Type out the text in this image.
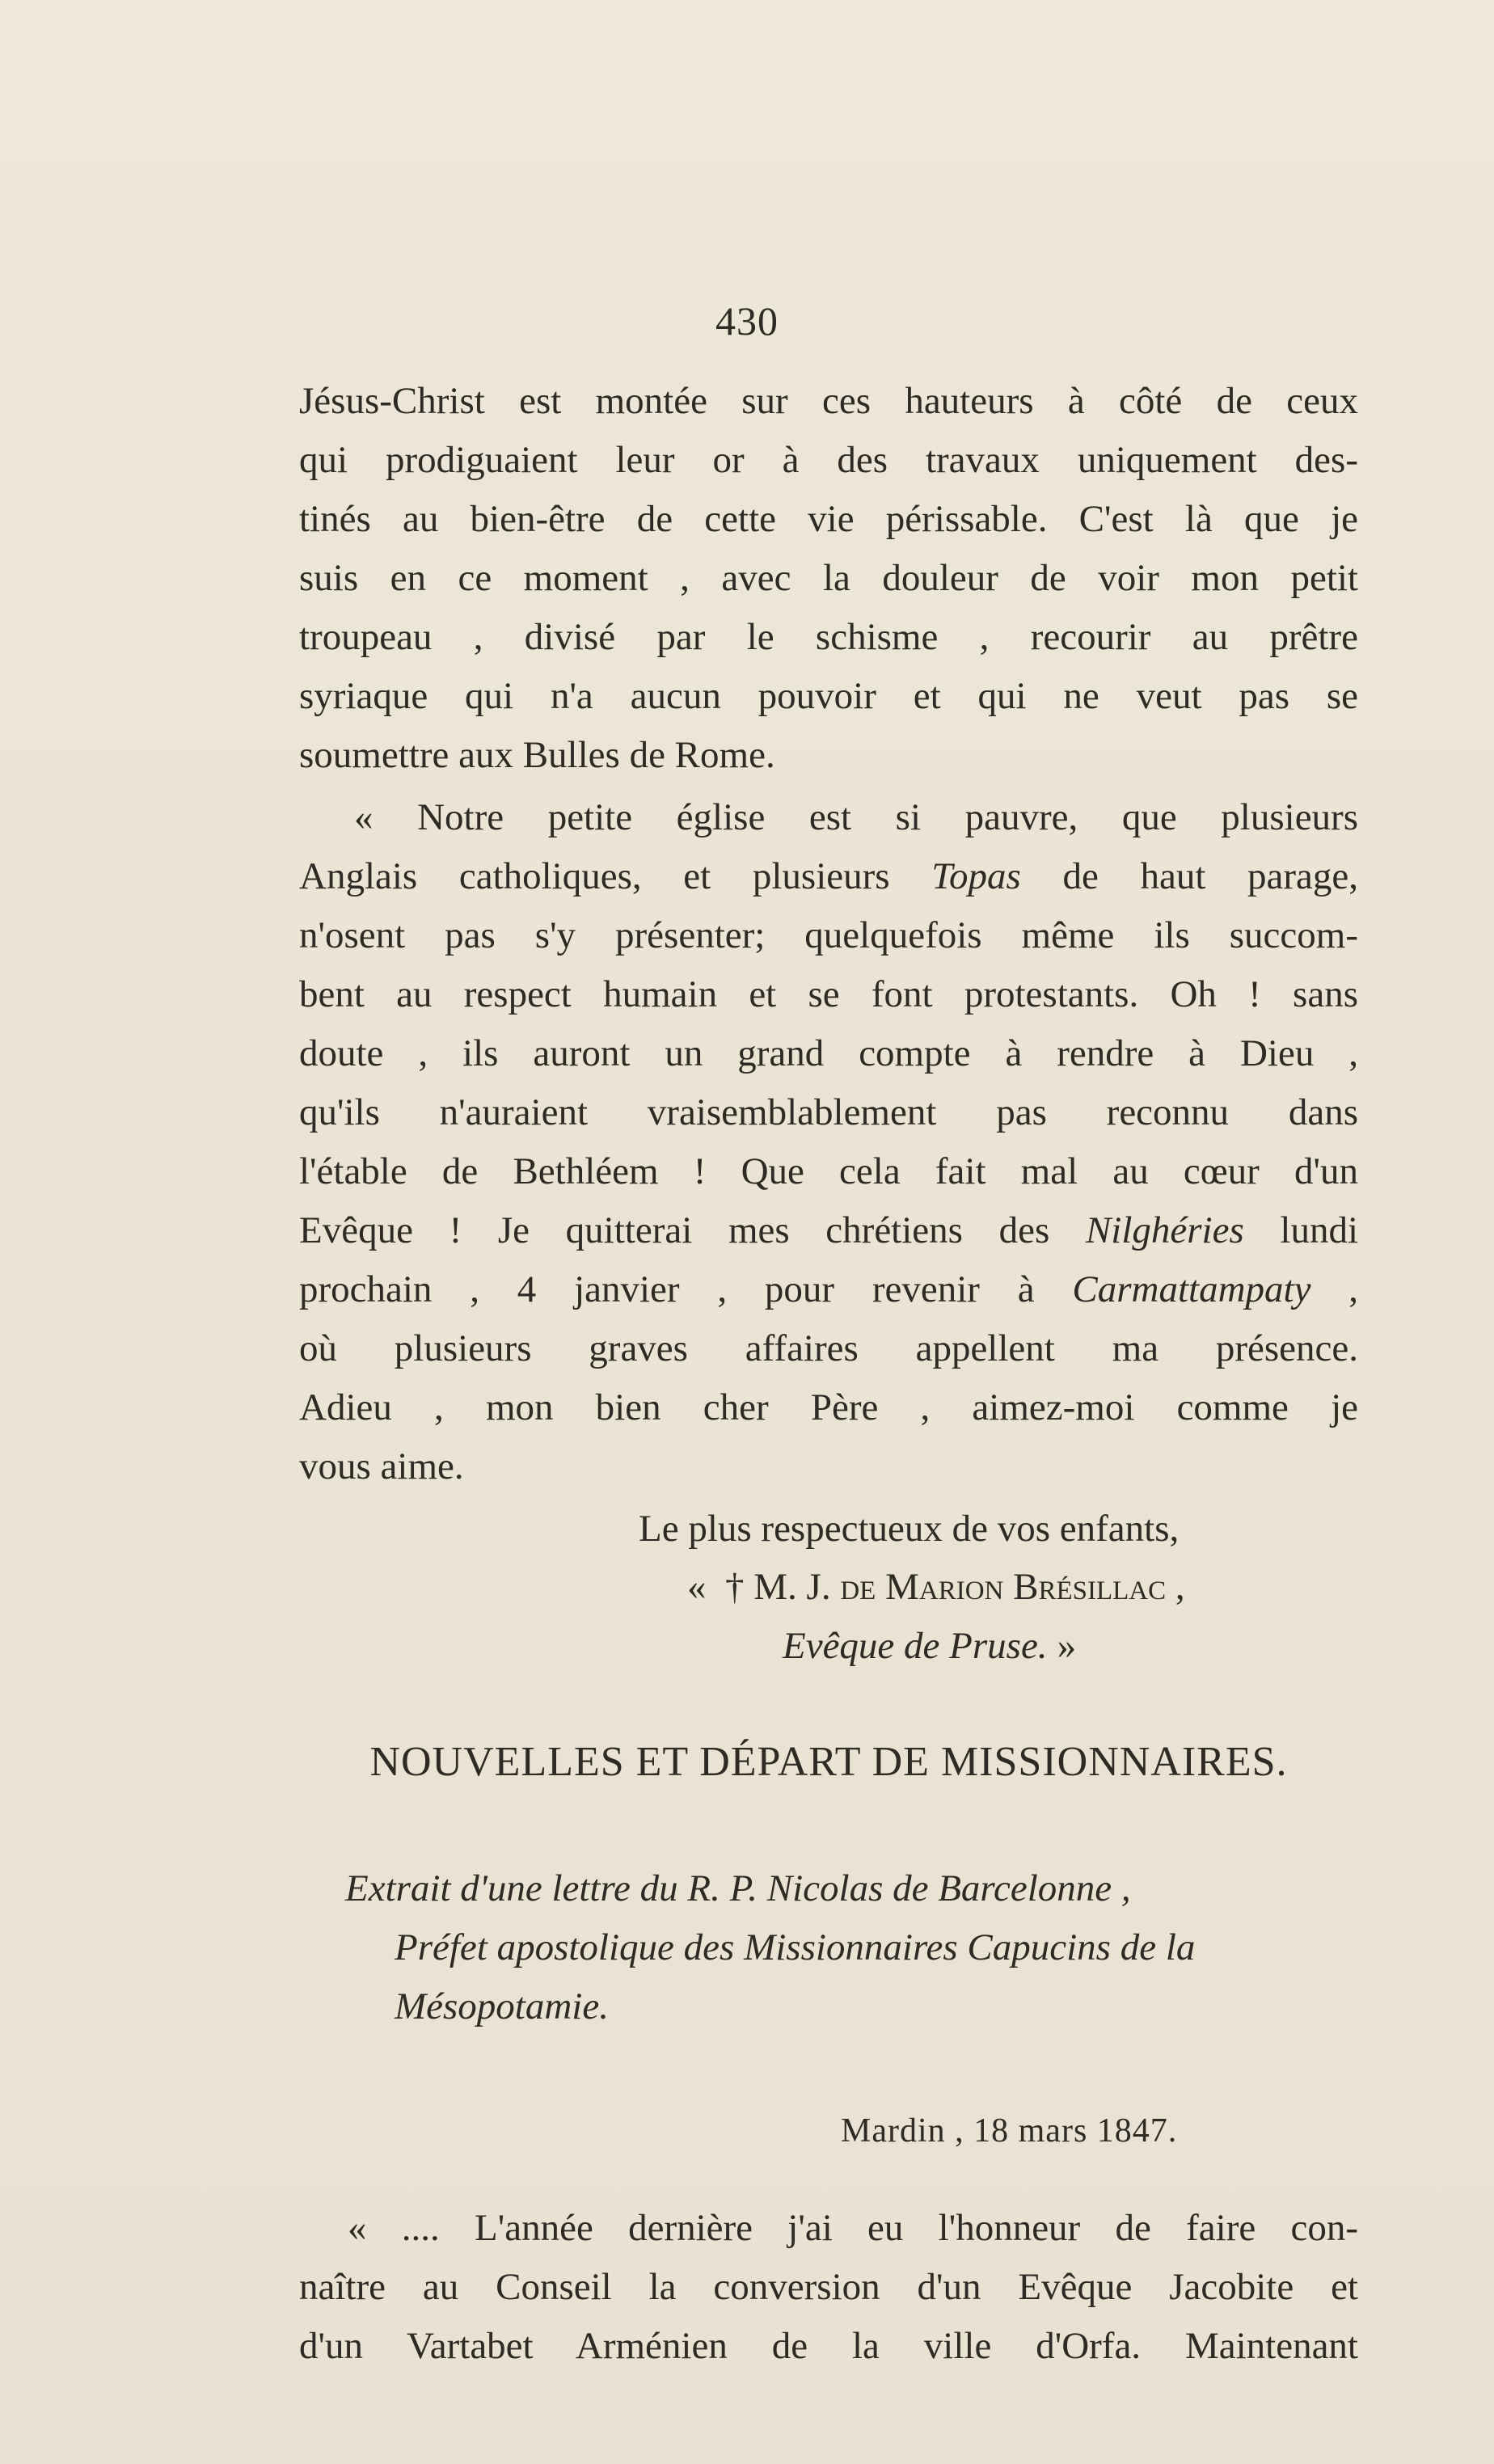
430
Jésus-Christ est montée sur ces hauteurs à côté de ceux
qui prodiguaient leur or à des travaux uniquement des-
tinés au bien-être de cette vie périssable. C'est là que je
suis en ce moment , avec la douleur de voir mon petit
troupeau , divisé par le schisme , recourir au prêtre
syriaque qui n'a aucun pouvoir et qui ne veut pas se
soumettre aux Bulles de Rome.
« Notre petite église est si pauvre, que plusieurs
Anglais catholiques, et plusieurs Topas de haut parage,
n'osent pas s'y présenter; quelquefois même ils succom-
bent au respect humain et se font protestants. Oh ! sans
doute , ils auront un grand compte à rendre à Dieu ,
qu'ils n'auraient vraisemblablement pas reconnu dans
l'étable de Bethléem ! Que cela fait mal au cœur d'un
Evêque ! Je quitterai mes chrétiens des Nilghéries lundi
prochain , 4 janvier , pour revenir à Carmattampaty ,
où plusieurs graves affaires appellent ma présence.
Adieu , mon bien cher Père , aimez-moi comme je
vous aime.
Le plus respectueux de vos enfants,
« † M. J. de Marion Brésillac ,
Evêque de Pruse. »
NOUVELLES ET DÉPART DE MISSIONNAIRES.
Extrait d'une lettre du R. P. Nicolas de Barcelonne ,
Préfet apostolique des Missionnaires Capucins de la
Mésopotamie.
Mardin , 18 mars 1847.
« .... L'année dernière j'ai eu l'honneur de faire con-
naître au Conseil la conversion d'un Evêque Jacobite et
d'un Vartabet Arménien de la ville d'Orfa. Maintenant
